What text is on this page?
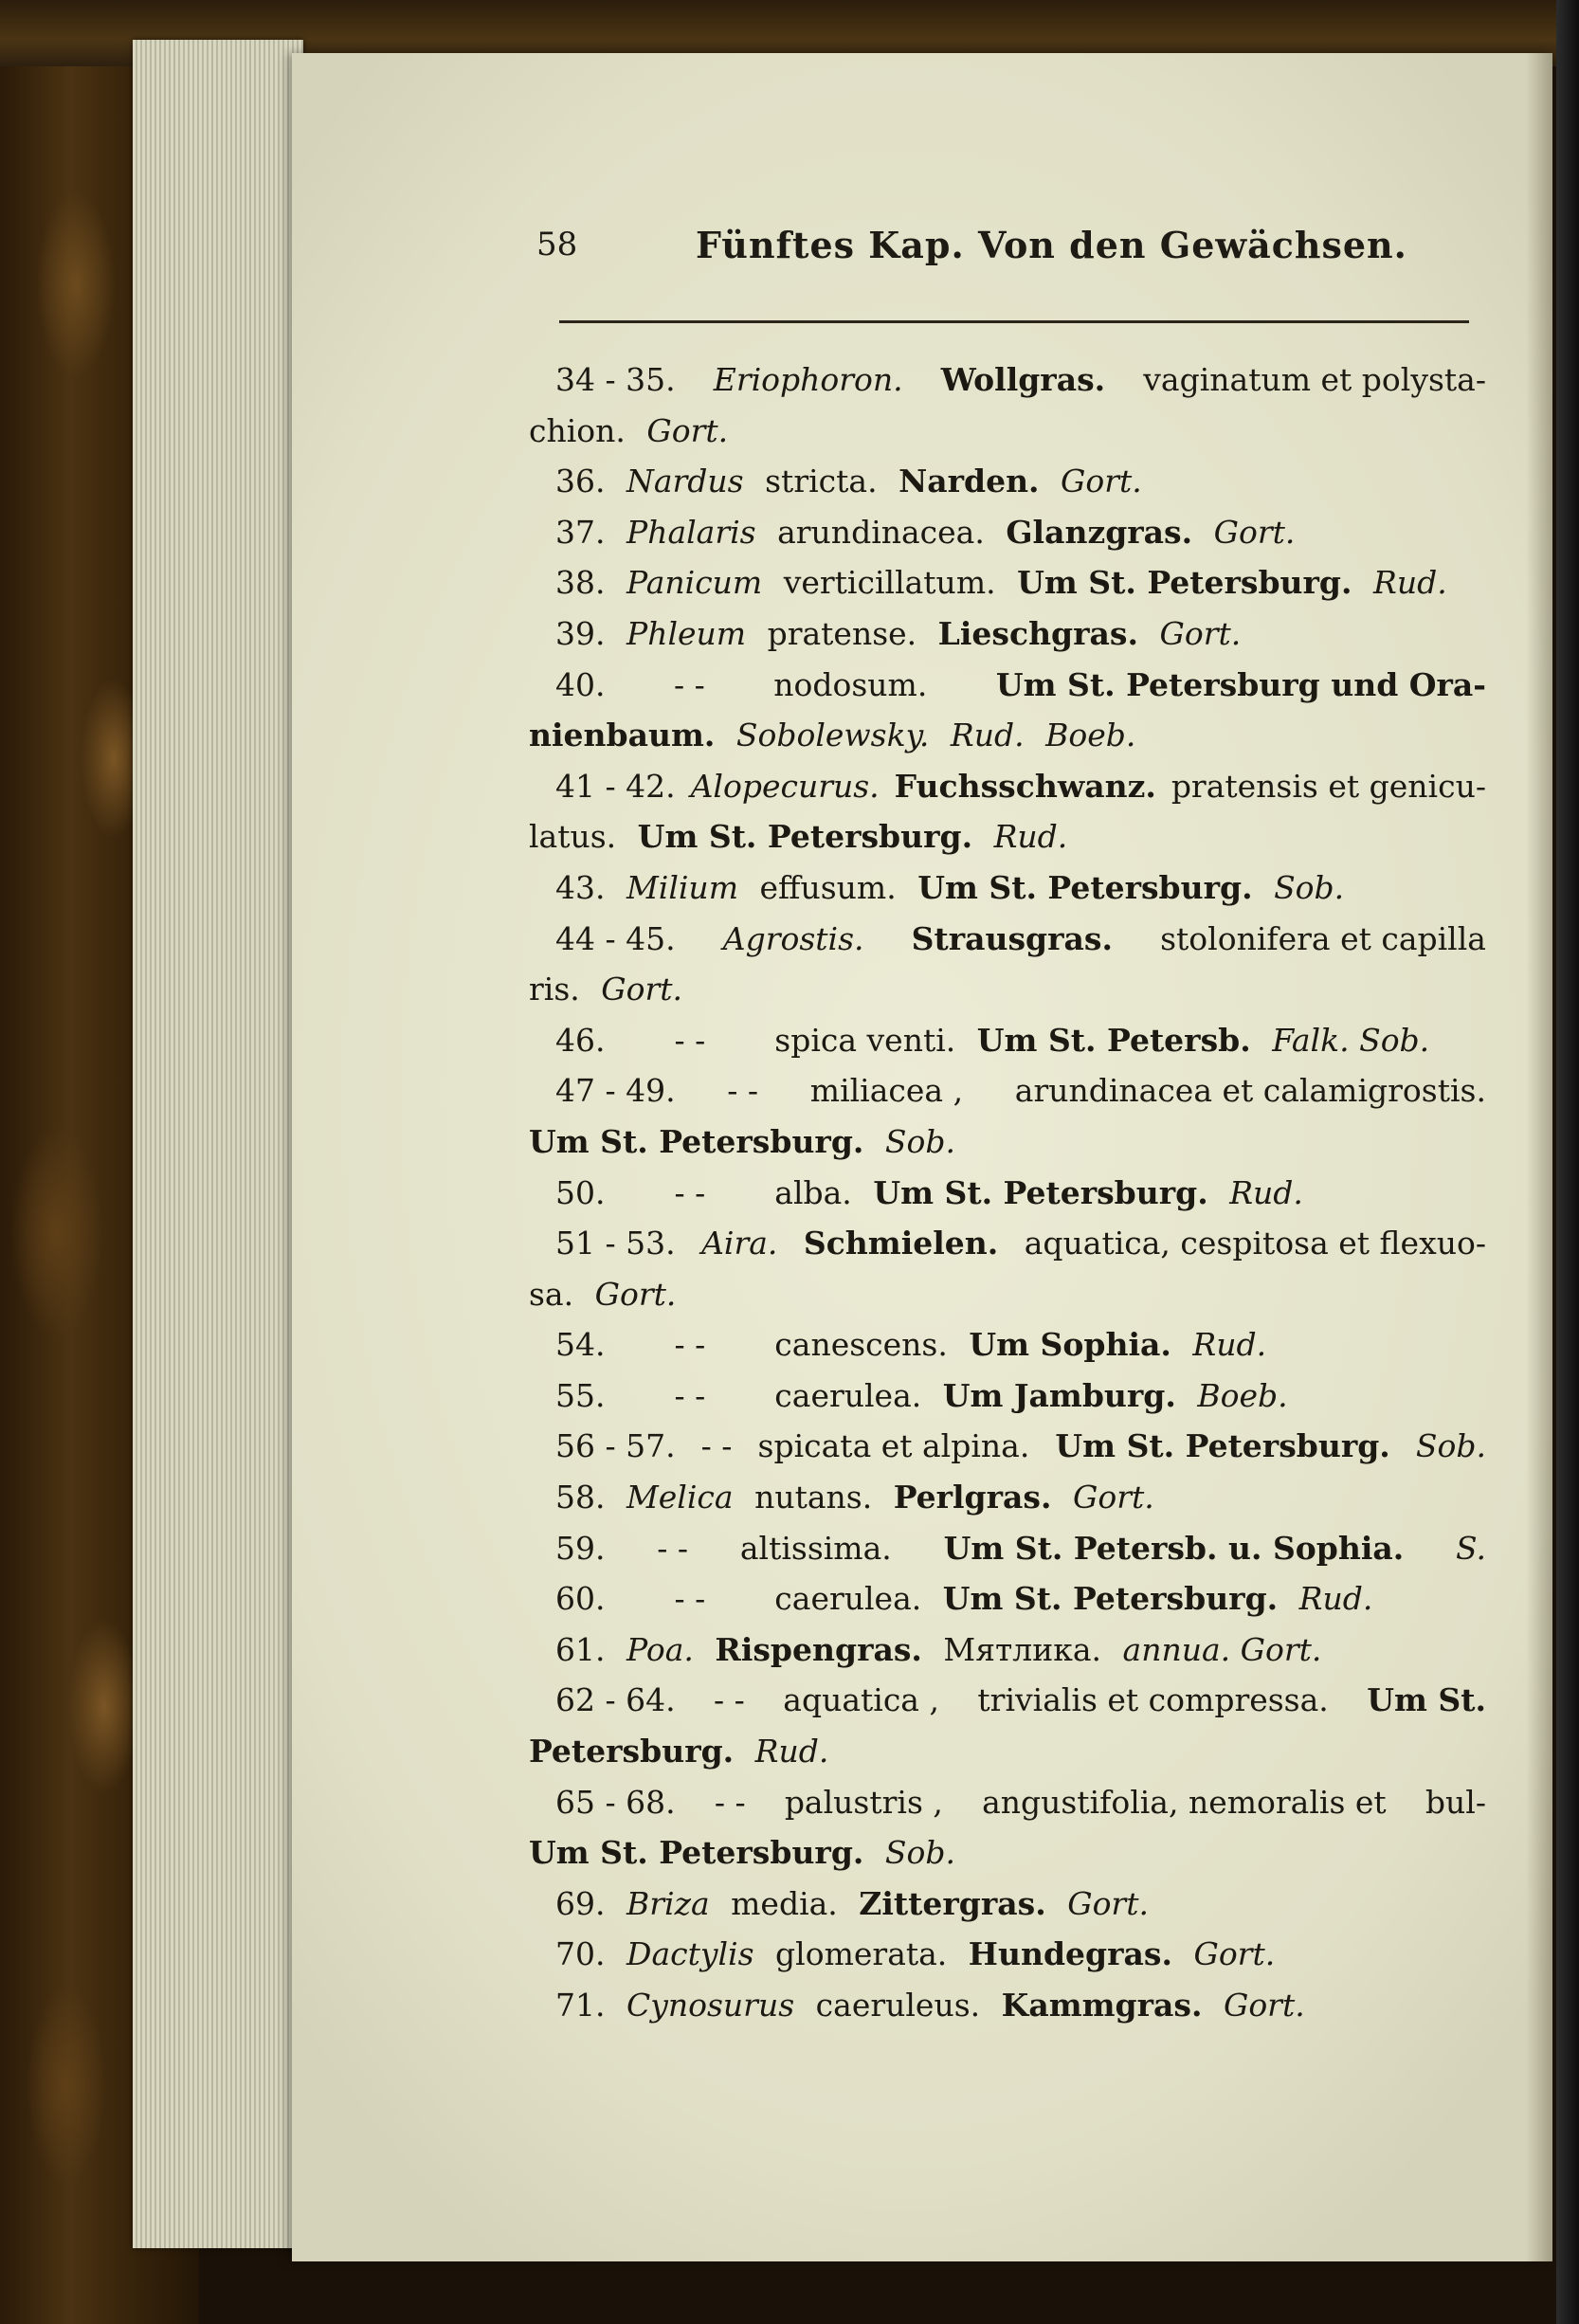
58	Fünftes Kap. Von den Gewächsen.
34 - 35. Eriophoron. Wollgras. vaginatum et polysta-
chion. Gort.
36. Nardus stricta. Narden. Gort.
37. Phalaris arundinacea. Glanzgras. Gort.
38. Panicum verticillatum. Um St. Petersburg. Rud.
39. Phleum pratense. Lieschgras. Gort.
40. - - nodosum. Um St. Petersburg und Ora-
nienbaum. Sobolewsky. Rud. Boeb.
41 - 42. Alopecurus. Fuchsschwanz. pratensis et genicu-
latus. Um St. Petersburg. Rud.
43. Milium effusum. Um St. Petersburg. Sob.
44 - 45. Agrostis. Strausgras. stolonifera et capilla
ris. Gort.
46. - - spica venti. Um St. Petersb. Falk. Sob.
47 - 49. - - miliacea , arundinacea et calamigrostis.
Um St. Petersburg. Sob.
50. - - alba. Um St. Petersburg. Rud.
51 - 53. Aira. Schmielen. aquatica, cespitosa et flexuo-
sa. Gort.
54. - - canescens. Um Sophia. Rud.
55. - - caerulea. Um Jamburg. Boeb.
56 - 57. - - spicata et alpina. Um St. Petersburg. Sob.
58. Melica nutans. Perlgras. Gort.
59. - - altissima. Um St. Petersb. u. Sophia. S.
60. - - caerulea. Um St. Petersburg. Rud.
61. Poa. Rispengras. Мятлика. annua. Gort.
62 - 64. - - aquatica , trivialis et compressa. Um St.
Petersburg. Rud.
65 - 68. - - palustris , angustifolia, nemoralis et bul-
Um St. Petersburg. Sob.
69. Briza media. Zittergras. Gort.
70. Dactylis glomerata. Hundegras. Gort.
71. Cynosurus caeruleus. Kammgras. Gort.
